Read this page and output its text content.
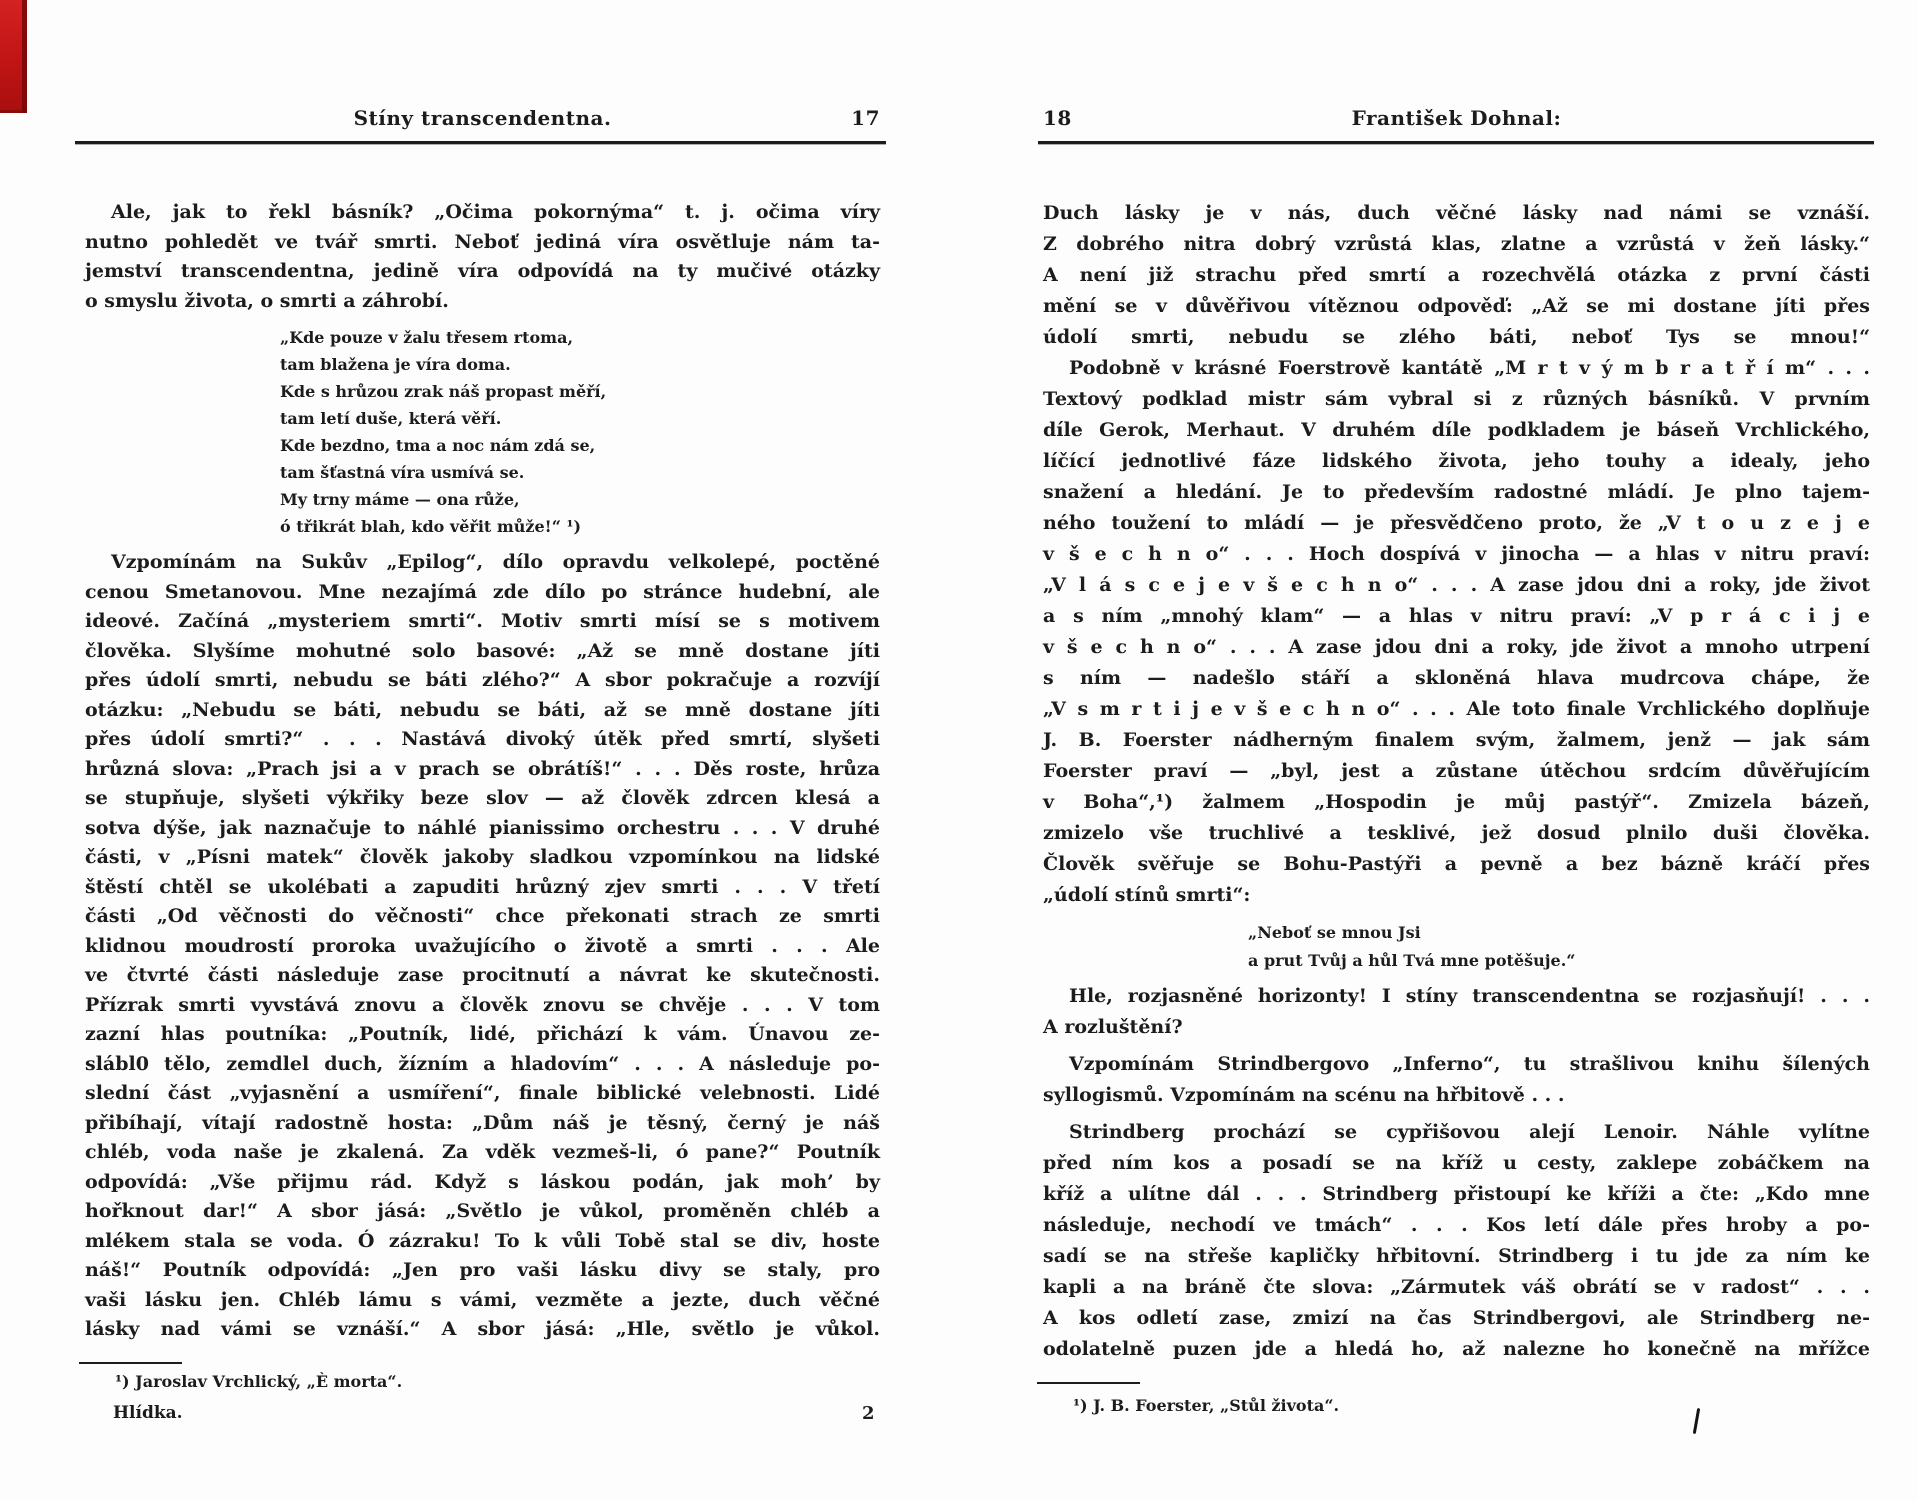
Stíny transcendentna.	17
Ale, jak to řekl básník? „Očima pokornýma“ t. j. očima víry
nutno pohledět ve tvář smrti. Neboť jediná víra osvětluje nám ta-
jemství transcendentna, jedině víra odpovídá na ty mučivé otázky
o smyslu života, o smrti a záhrobí.
„Kde pouze v žalu třesem rtoma,
tam blažena je víra doma.
Kde s hrůzou zrak náš propast měří,
tam letí duše, která věří.
Kde bezdno, tma a noc nám zdá se,
tam šťastná víra usmívá se.
My trny máme — ona růže,
ó třikrát blah, kdo věřit může!“ ¹)
Vzpomínám na Sukův „Epilog“, dílo opravdu velkolepé, poctěné
cenou Smetanovou. Mne nezajímá zde dílo po stránce hudební, ale
ideové. Začíná „mysteriem smrti“. Motiv smrti mísí se s motivem
člověka. Slyšíme mohutné solo basové: „Až se mně dostane jíti
přes údolí smrti, nebudu se báti zlého?“ A sbor pokračuje a rozvíjí
otázku: „Nebudu se báti, nebudu se báti, až se mně dostane jíti
přes údolí smrti?“ . . . Nastává divoký útěk před smrtí, slyšeti
hrůzná slova: „Prach jsi a v prach se obrátíš!“ . . . Děs roste, hrůza
se stupňuje, slyšeti výkřiky beze slov — až člověk zdrcen klesá a
sotva dýše, jak naznačuje to náhlé pianissimo orchestru . . . V druhé
části, v „Písni matek“ člověk jakoby sladkou vzpomínkou na lidské
štěstí chtěl se ukolébati a zapuditi hrůzný zjev smrti . . . V třetí
části „Od věčnosti do věčnosti“ chce překonati strach ze smrti
klidnou moudrostí proroka uvažujícího o životě a smrti . . . Ale
ve čtvrté části následuje zase procitnutí a návrat ke skutečnosti.
Přízrak smrti vyvstává znovu a člověk znovu se chvěje . . . V tom
zazní hlas poutníka: „Poutník, lidé, přichází k vám. Únavou ze-
slábl0 tělo, zemdlel duch, žízním a hladovím“ . . . A následuje po-
slední část „vyjasnění a usmíření“, finale biblické velebnosti. Lidé
přibíhají, vítají radostně hosta: „Dům náš je těsný, černý je náš
chléb, voda naše je zkalená. Za vděk vezmeš-li, ó pane?“ Poutník
odpovídá: „Vše přijmu rád. Když s láskou podán, jak moh’ by
hořknout dar!“ A sbor jásá: „Světlo je vůkol, proměněn chléb a
mlékem stala se voda. Ó zázraku! To k vůli Tobě stal se div, hoste
náš!“ Poutník odpovídá: „Jen pro vaši lásku divy se staly, pro
vaši lásku jen. Chléb lámu s vámi, vezměte a jezte, duch věčné
lásky nad vámi se vznáší.“ A sbor jásá: „Hle, světlo je vůkol.
¹) Jaroslav Vrchlický, „È morta“.
Hlídka.	2
18	František Dohnal:
Duch lásky je v nás, duch věčné lásky nad námi se vznáší.
Z dobrého nitra dobrý vzrůstá klas, zlatne a vzrůstá v žeň lásky.“
A není již strachu před smrtí a rozechvělá otázka z první části
mění se v důvěřivou vítěznou odpověď: „Až se mi dostane jíti přes
údolí smrti, nebudu se zlého báti, neboť Tys se mnou!“
Podobně v krásné Foerstrově kantátě „M r t v ý m b r a t ř í m“ . . .
Textový podklad mistr sám vybral si z různých básníků. V prvním
díle Gerok, Merhaut. V druhém díle podkladem je báseň Vrchlického,
líčící jednotlivé fáze lidského života, jeho touhy a idealy, jeho
snažení a hledání. Je to především radostné mládí. Je plno tajem-
ného toužení to mládí — je přesvědčeno proto, že „V t o u z e j e
v š e c h n o“ . . . Hoch dospívá v jinocha — a hlas v nitru praví:
„V l á s c e j e v š e c h n o“ . . . A zase jdou dni a roky, jde život
a s ním „mnohý klam“ — a hlas v nitru praví: „V p r á c i j e
v š e c h n o“ . . . A zase jdou dni a roky, jde život a mnoho utrpení
s ním — nadešlo stáří a skloněná hlava mudrcova chápe, že
„V s m r t i j e v š e c h n o“ . . . Ale toto finale Vrchlického doplňuje
J. B. Foerster nádherným finalem svým, žalmem, jenž — jak sám
Foerster praví — „byl, jest a zůstane útěchou srdcím důvěřujícím
v Boha“,¹) žalmem „Hospodin je můj pastýř“. Zmizela bázeň,
zmizelo vše truchlivé a tesklivé, jež dosud plnilo duši člověka.
Člověk svěřuje se Bohu-Pastýři a pevně a bez bázně kráčí přes
„údolí stínů smrti“:
„Neboť se mnou Jsi
a prut Tvůj a hůl Tvá mne potěšuje.“
Hle, rozjasněné horizonty! I stíny transcendentna se rozjasňují! . . .
A rozluštění?
Vzpomínám Strindbergovo „Inferno“, tu strašlivou knihu šílených
syllogismů. Vzpomínám na scénu na hřbitově . . .
Strindberg prochází se cypřišovou alejí Lenoir. Náhle vylítne
před ním kos a posadí se na kříž u cesty, zaklepe zobáčkem na
kříž a ulítne dál . . . Strindberg přistoupí ke kříži a čte: „Kdo mne
následuje, nechodí ve tmách“ . . . Kos letí dále přes hroby a po-
sadí se na střeše kapličky hřbitovní. Strindberg i tu jde za ním ke
kapli a na bráně čte slova: „Zármutek váš obrátí se v radost“ . . .
A kos odletí zase, zmizí na čas Strindbergovi, ale Strindberg ne-
odolatelně puzen jde a hledá ho, až nalezne ho konečně na mřížce
¹) J. B. Foerster, „Stůl života“.
